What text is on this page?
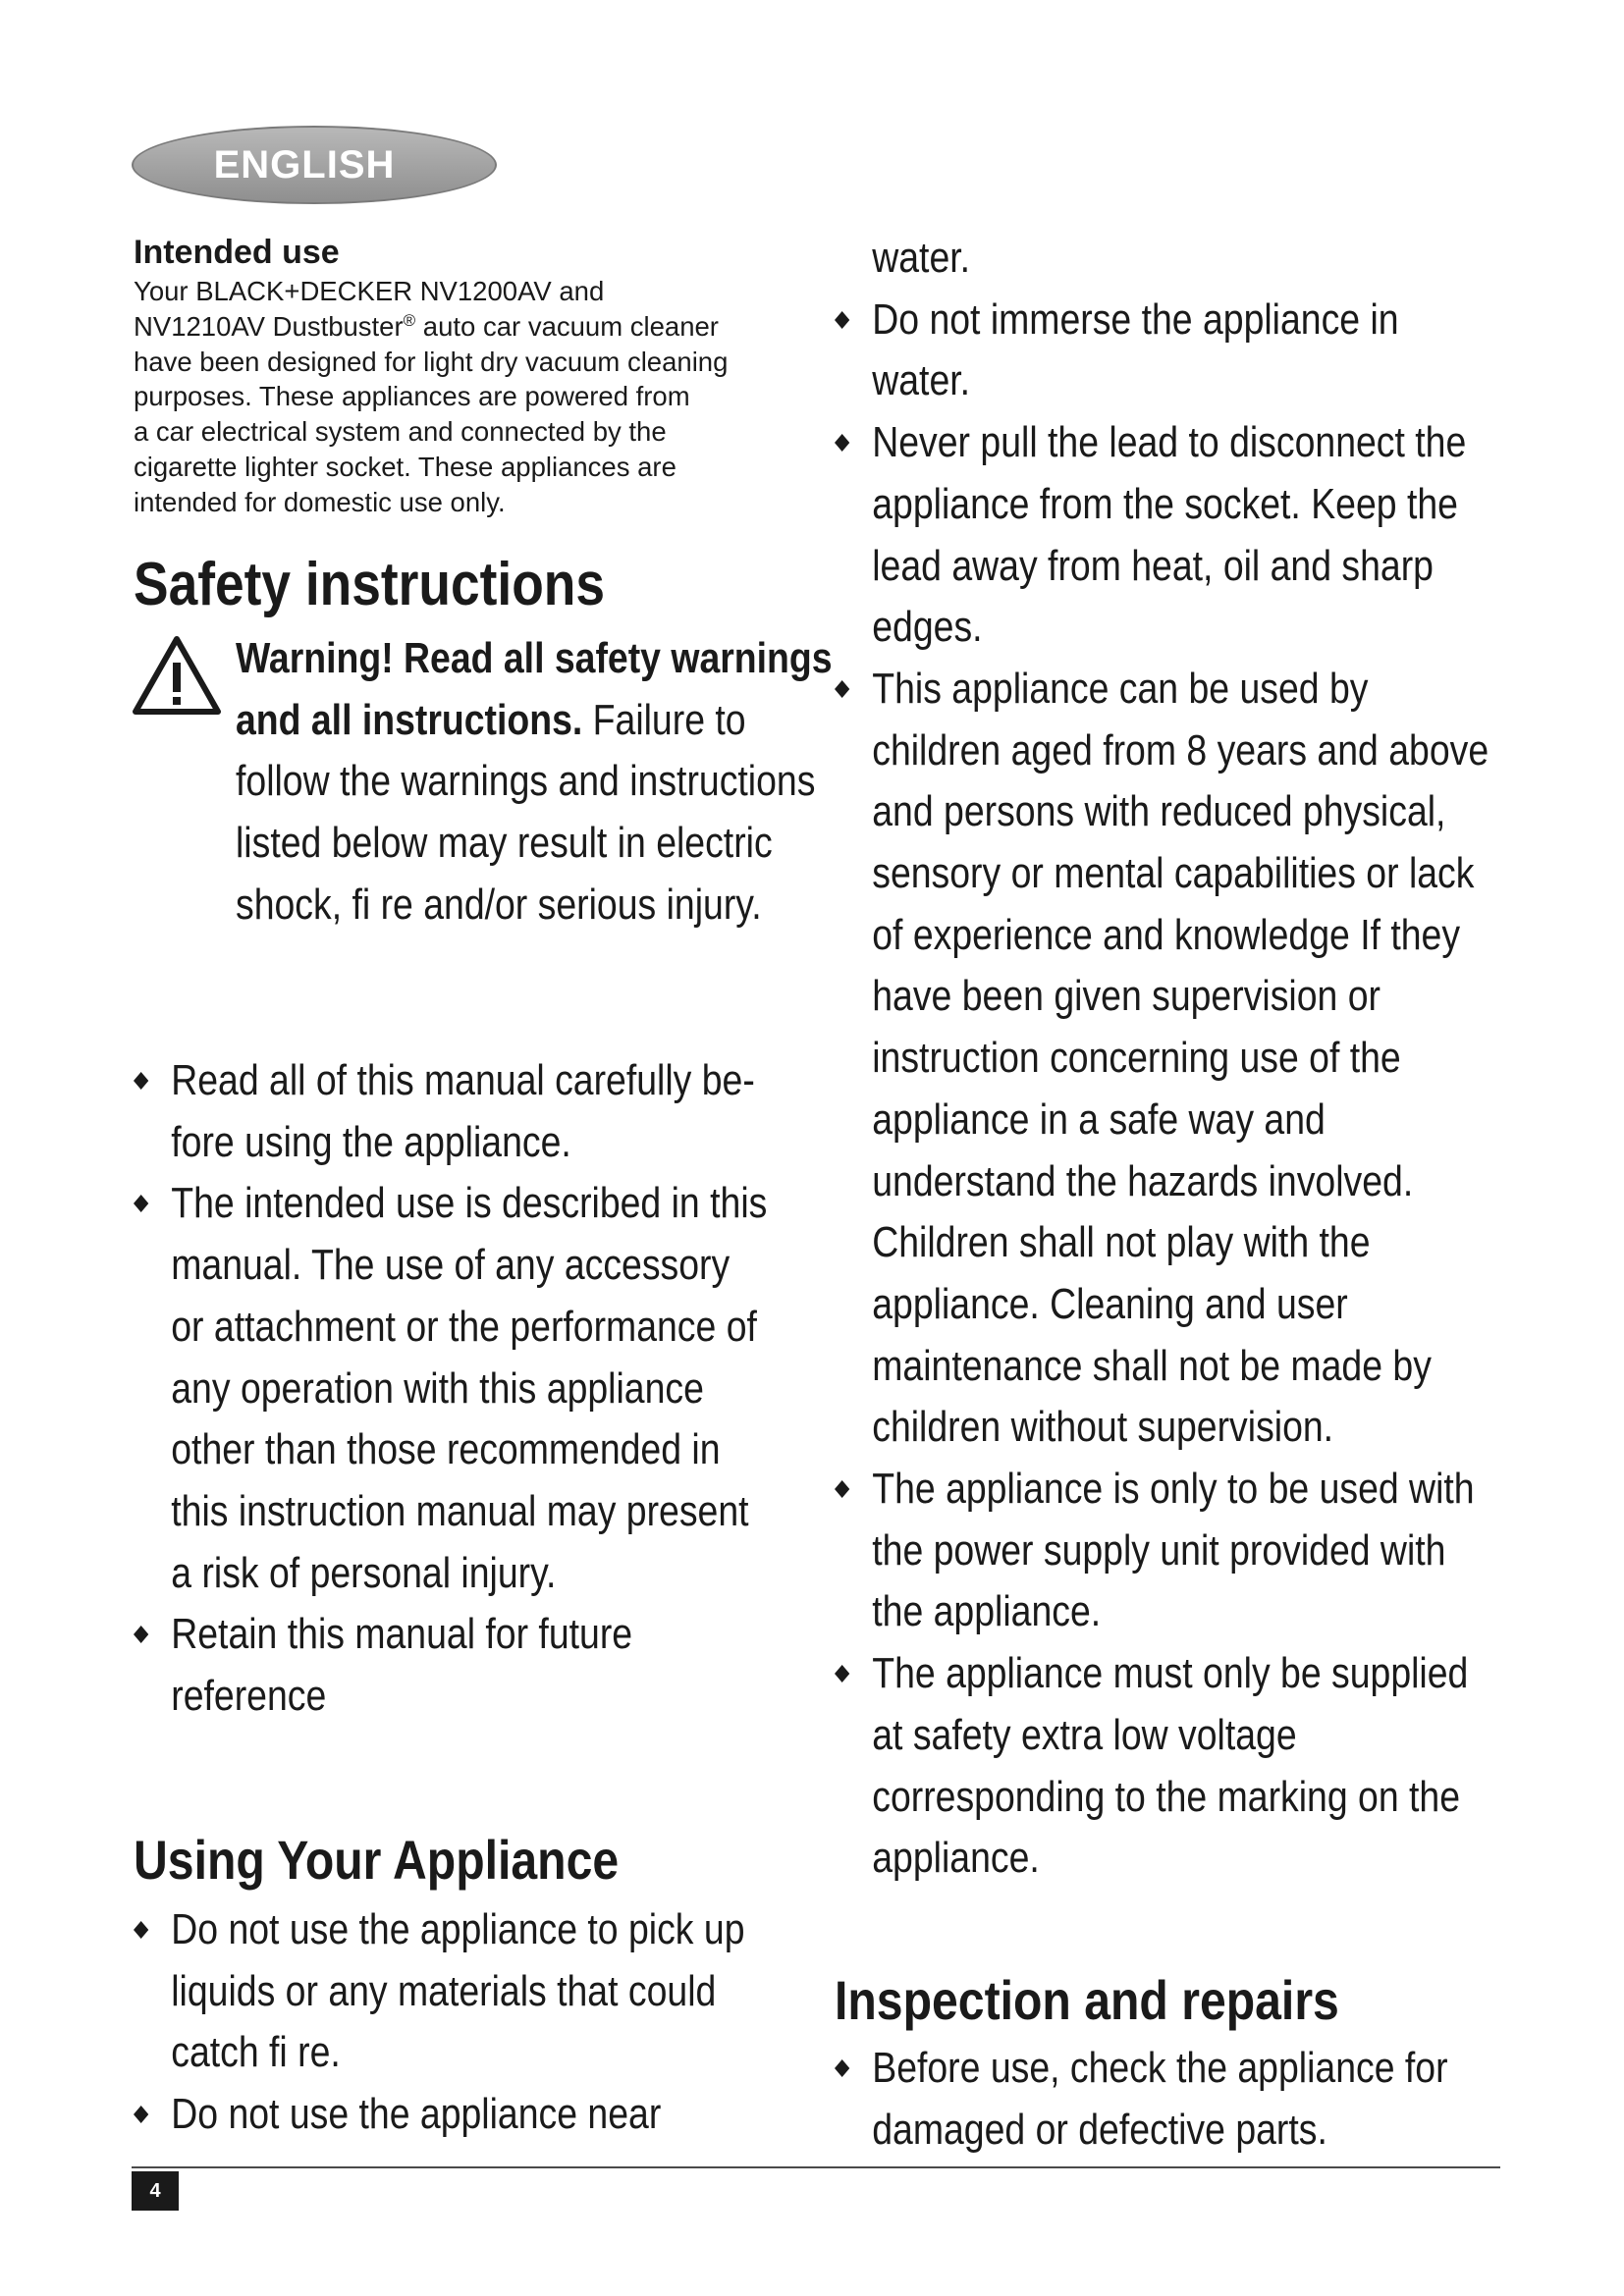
ENGLISH
Intended use

Your BLACK+DECKER NV1200AV and

NV1210AV Dustbuster® auto car vacuum cleaner

have been designed for light dry vacuum cleaning

purposes. These appliances are powered from

a car electrical system and connected by the

cigarette lighter socket. These appliances are

intended for domestic use only.

Safety instructions
Warning! Read all safety warnings and all instructions. Failure to follow the warnings and instructions listed below may result in electric shock, fi re and/or serious injury.
Read all of this manual carefully be-fore using the appliance.
The intended use is described in this manual. The use of any accessory or attachment or the performance of any operation with this appliance other than those recommended in this instruction manual may present a risk of personal injury.
Retain this manual for future reference
Using Your Appliance
Do not use the appliance to pick up liquids or any materials that could catch fi re.
Do not use the appliance near
water.
Do not immerse the appliance in water.
Never pull the lead to disconnect the appliance from the socket. Keep the lead away from heat, oil and sharp edges.
This appliance can be used by children aged from 8 years and above and persons with reduced physical, sensory or mental capabilities or lack of experience and knowledge If they have been given supervision or instruction concerning use of the appliance in a safe way and understand the hazards involved. Children shall not play with the appliance. Cleaning and user maintenance shall not be made by children without supervision.
The appliance is only to be used with the power supply unit provided with the appliance.
The appliance must only be supplied at safety extra low voltage corresponding to the marking on the appliance.
Inspection and repairs
Before use, check the appliance for damaged or defective parts.
4
